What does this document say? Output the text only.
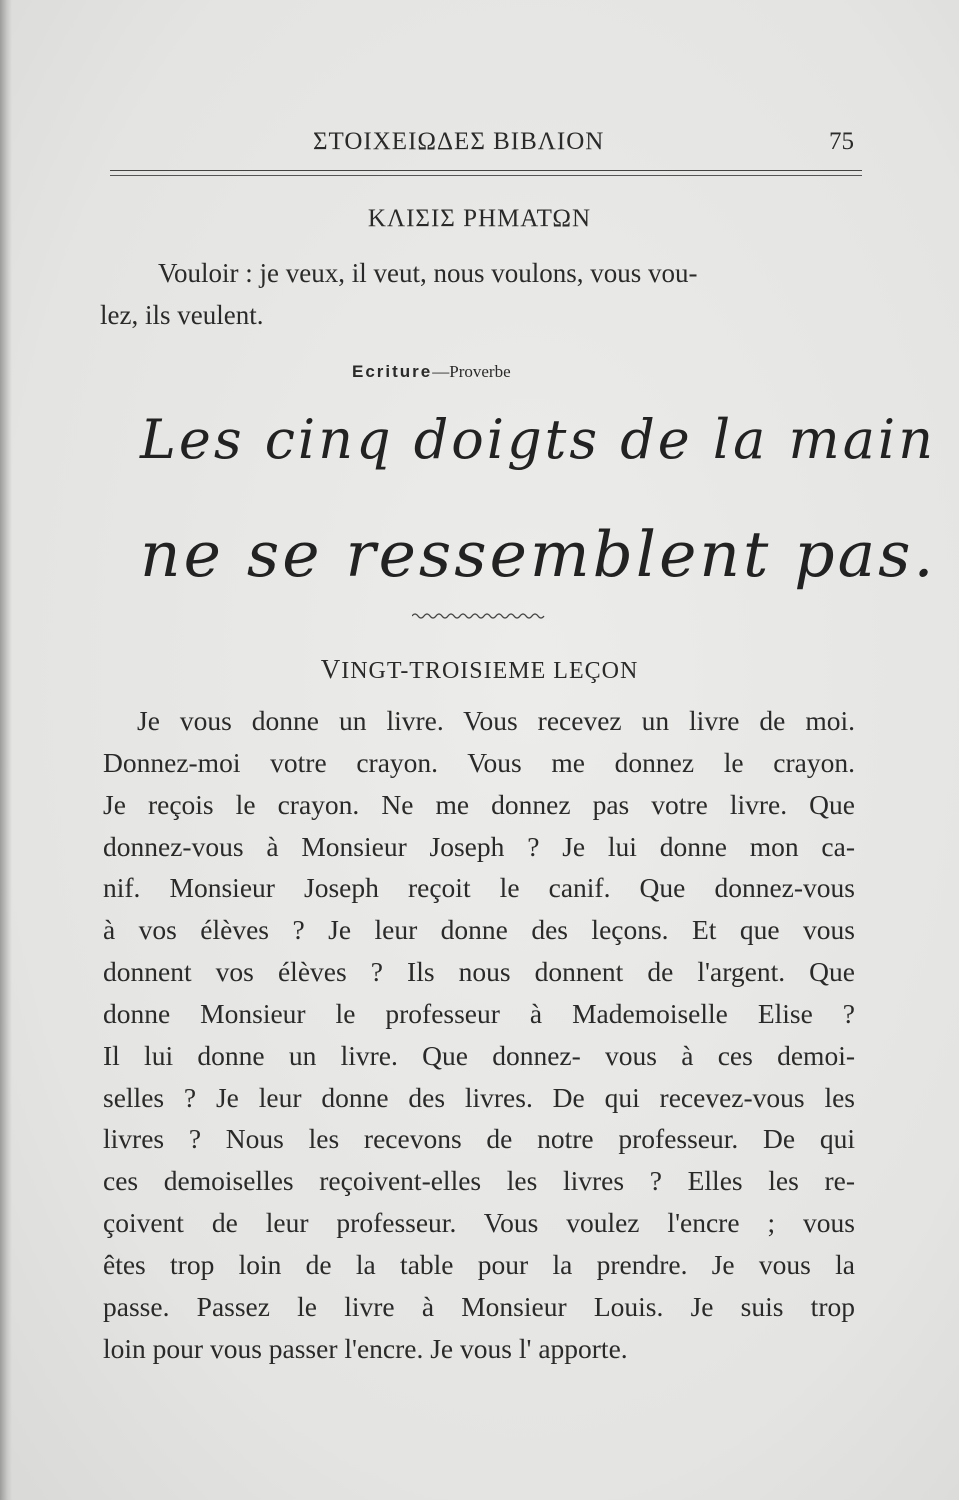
ΣΤΟΙΧΕΙΩΔΕΣ ΒΙΒΛΙΟΝ	75
ΚΛΙΣΙΣ ΡΗΜΑΤΩΝ
Vouloir : je veux, il veut, nous voulons, vous vou-
lez, ils veulent.
Ecriture—Proverbe
Les cinq doigts de la main
ne se ressemblent pas.
VINGT-TROISIEME LEÇON
Je vous donne un livre. Vous recevez un livre de moi.
Donnez-moi votre crayon. Vous me donnez le crayon.
Je reçois le crayon. Ne me donnez pas votre livre. Que
donnez-vous à Monsieur Joseph ? Je lui donne mon ca-
nif. Monsieur Joseph reçoit le canif. Que donnez-vous
à vos élèves ? Je leur donne des leçons. Et que vous
donnent vos élèves ? Ils nous donnent de l'argent. Que
donne Monsieur le professeur à Mademoiselle Elise ?
Il lui donne un livre. Que donnez- vous à ces demoi-
selles ? Je leur donne des livres. De qui recevez-vous les
livres ? Nous les recevons de notre professeur. De qui
ces demoiselles reçoivent-elles les livres ? Elles les re-
çoivent de leur professeur. Vous voulez l'encre ; vous
êtes trop loin de la table pour la prendre. Je vous la
passe. Passez le livre à Monsieur Louis. Je suis trop
loin pour vous passer l'encre. Je vous l' apporte.
